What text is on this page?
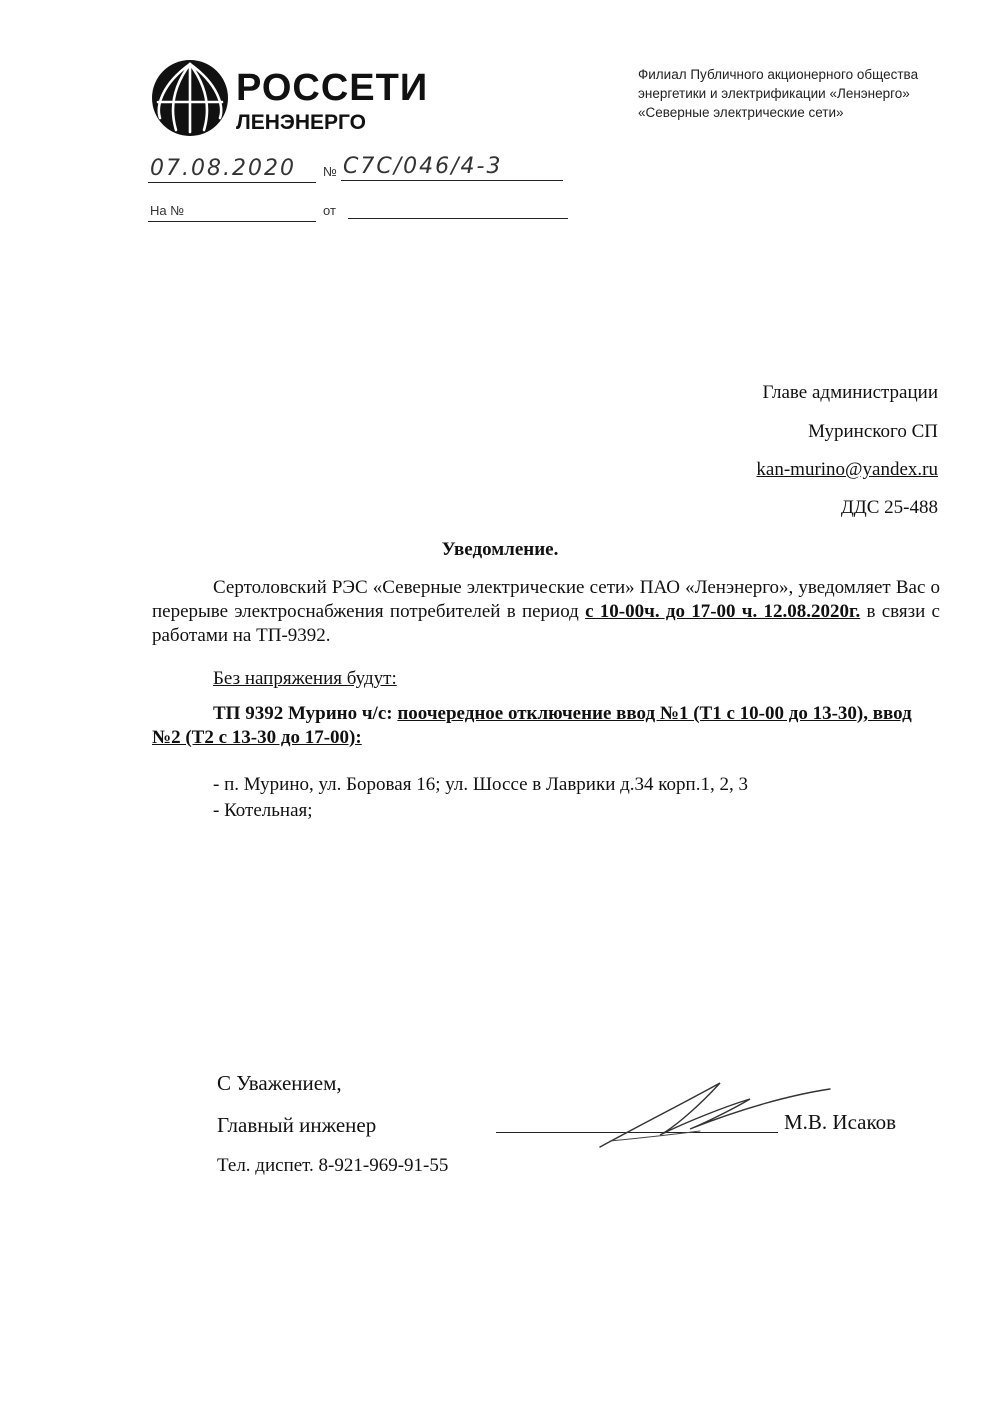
РОССЕТИ
ЛЕНЭНЕРГО
Филиал Публичного акционерного общества
энергетики и электрификации «Ленэнерго»
«Северные электрические сети»
07.08.2020 № С7С/046/4-3
На №	от
Главе администрации
Муринского СП
kan-murino@yandex.ru
ДДС 25-488
Уведомление.
Сертоловский РЭС «Северные электрические сети» ПАО «Ленэнерго», уведомляет Вас о перерыве электроснабжения потребителей в период с 10-00ч. до 17-00 ч. 12.08.2020г. в связи с работами на ТП-9392.
Без напряжения будут:
ТП 9392 Мурино ч/с: поочередное отключение ввод №1 (Т1 с 10-00 до 13-30), ввод №2 (Т2 с 13-30 до 17-00):
- п. Мурино, ул. Боровая 16; ул. Шоссе в Лаврики д.34 корп.1, 2, 3
- Котельная;
С Уважением,
Главный инженер	М.В. Исаков
Тел. диспет. 8-921-969-91-55
